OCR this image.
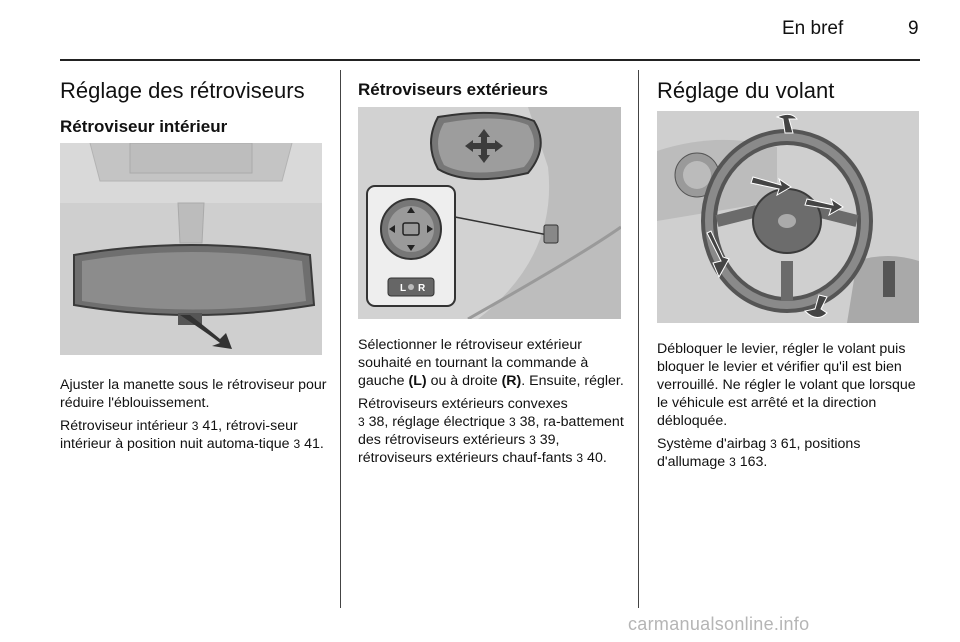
En bref	9
Réglage des rétroviseurs
Rétroviseur intérieur

Ajuster la manette sous le rétroviseur pour réduire l'éblouissement.

Rétroviseur intérieur 3 41, rétrovi-seur intérieur à position nuit automa-tique 3 41.

Rétroviseurs extérieurs
L R

Sélectionner le rétroviseur extérieur souhaité en tournant la commande à gauche (L) ou à droite (R). Ensuite, régler.

Rétroviseurs extérieurs convexes
3 38, réglage électrique 3 38, ra-battement des rétroviseurs extérieurs 3 39, rétroviseurs extérieurs chauf-fants 3 40.

Réglage du volant

Débloquer le levier, régler le volant puis bloquer le levier et vérifier qu'il est bien verrouillé. Ne régler le volant que lorsque le véhicule est arrêté et la direction débloquée.

Système d'airbag 3 61, positions d'allumage 3 163.

carmanualsonline.info
